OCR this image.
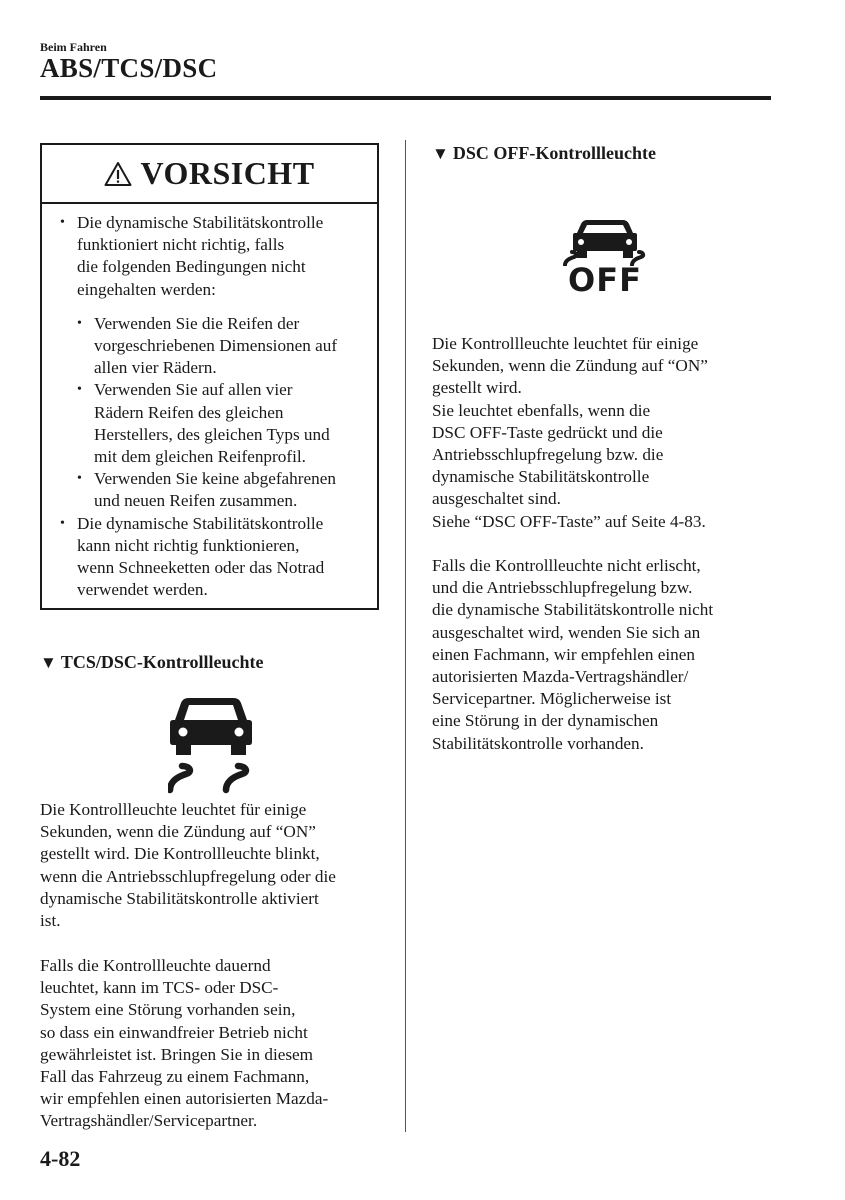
Beim Fahren
ABS/TCS/DSC
VORSICHT
• Die dynamische Stabilitätskontrolle
funktioniert nicht richtig, falls
die folgenden Bedingungen nicht
eingehalten werden:
• Verwenden Sie die Reifen der
vorgeschriebenen Dimensionen auf
allen vier Rädern.
• Verwenden Sie auf allen vier
Rädern Reifen des gleichen
Herstellers, des gleichen Typs und
mit dem gleichen Reifenprofil.
• Verwenden Sie keine abgefahrenen
und neuen Reifen zusammen.
• Die dynamische Stabilitätskontrolle
kann nicht richtig funktionieren,
wenn Schneeketten oder das Notrad
verwendet werden.
▼ TCS/DSC-Kontrollleuchte
Die Kontrollleuchte leuchtet für einige
Sekunden, wenn die Zündung auf “ON”
gestellt wird. Die Kontrollleuchte blinkt,
wenn die Antriebsschlupfregelung oder die
dynamische Stabilitätskontrolle aktiviert
ist.
Falls die Kontrollleuchte dauernd
leuchtet, kann im TCS- oder DSC-
System eine Störung vorhanden sein,
so dass ein einwandfreier Betrieb nicht
gewährleistet ist. Bringen Sie in diesem
Fall das Fahrzeug zu einem Fachmann,
wir empfehlen einen autorisierten Mazda-
Vertragshändler/Servicepartner.
▼ DSC OFF-Kontrollleuchte
OFF
Die Kontrollleuchte leuchtet für einige
Sekunden, wenn die Zündung auf “ON”
gestellt wird.
Sie leuchtet ebenfalls, wenn die
DSC OFF-Taste gedrückt und die
Antriebsschlupfregelung bzw. die
dynamische Stabilitätskontrolle
ausgeschaltet sind.
Siehe “DSC OFF-Taste” auf Seite 4-83.
Falls die Kontrollleuchte nicht erlischt,
und die Antriebsschlupfregelung bzw.
die dynamische Stabilitätskontrolle nicht
ausgeschaltet wird, wenden Sie sich an
einen Fachmann, wir empfehlen einen
autorisierten Mazda-Vertragshändler/
Servicepartner. Möglicherweise ist
eine Störung in der dynamischen
Stabilitätskontrolle vorhanden.
4-82
